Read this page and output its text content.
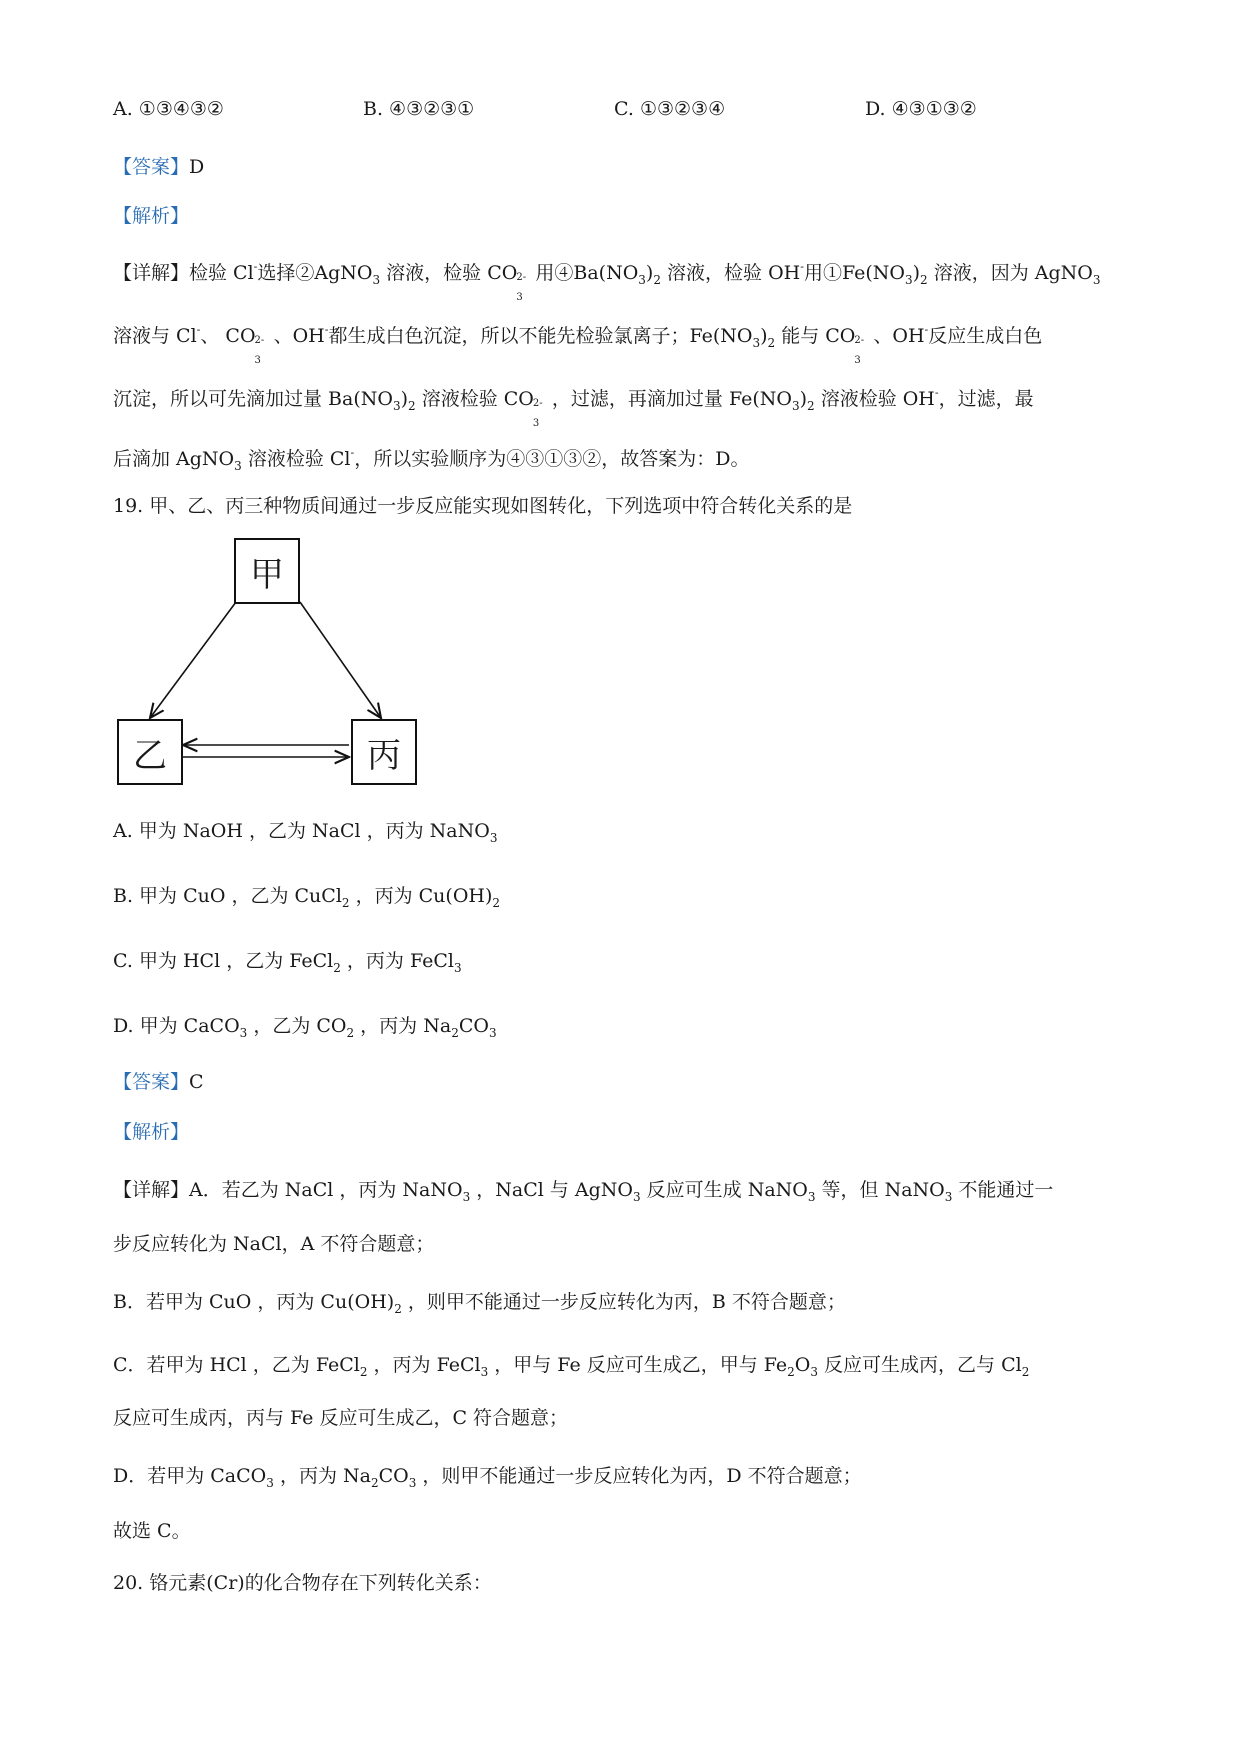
A. ①③④③②	B. ④③②③①	C. ①③②③④	D. ④③①③②
【答案】D
【解析】
【详解】检验 Cl-选择②AgNO$_3$ 溶液，检验 CO 2-
3
用$④Ba(NO_3)_2$ 溶液，检验 OH-用$①Fe(NO_3)_2$ 溶液，因为 AgNO$_3$
溶液与 Cl-、 CO 2-
3
、OH-都生成白色沉淀，所以不能先检验氯离子；$Fe(NO_3)_2$ 能与 CO 2-
3
、OH-反应生成白色
沉淀，所以可先滴加过量 $Ba(NO_3)_2$ 溶液检验 CO 2-
3
，过滤，再滴加过量 $Fe(NO_3)_2$ 溶液检验 OH-，过滤，最
后滴加 AgNO$_3$ 溶液检验 Cl-，所以实验顺序为④③①③②，故答案为：D。
19. 甲、乙、丙三种物质间通过一步反应能实现如图转化，下列选项中符合转化关系的是
甲
乙	丙
A. 甲为 NaOH ，乙为 NaCl ，丙为 NaNO$_3$
B. 甲为 CuO ，乙为 CuCl$_2$ ，丙为 $Cu(OH)_2$
C. 甲为 HCl ，乙为 FeCl$_2$ ，丙为 FeCl$_3$
D. 甲为 CaCO$_3$ ，乙为 $CO_2$ ，丙为 $Na_2CO_3$
【答案】C
【解析】
【详解】A．若乙为 NaCl ，丙为 NaNO$_3$ ，NaCl 与 AgNO$_3$ 反应可生成 NaNO$_3$ 等，但 NaNO$_3$ 不能通过一
步反应转化为 NaCl，A 不符合题意；
B．若甲为 CuO ，丙为 $Cu(OH)_2$ ，则甲不能通过一步反应转化为丙，B 不符合题意；
C．若甲为 HCl ，乙为 FeCl$_2$ ，丙为 FeCl$_3$ ，甲与 Fe 反应可生成乙，甲与 $Fe_2O_3$ 反应可生成丙，乙与 $Cl_2$
反应可生成丙，丙与 Fe 反应可生成乙，C 符合题意；
D．若甲为 CaCO$_3$ ，丙为 $Na_2CO_3$ ，则甲不能通过一步反应转化为丙，D 不符合题意；
故选 C。
20. 铬元素(Cr)的化合物存在下列转化关系：
